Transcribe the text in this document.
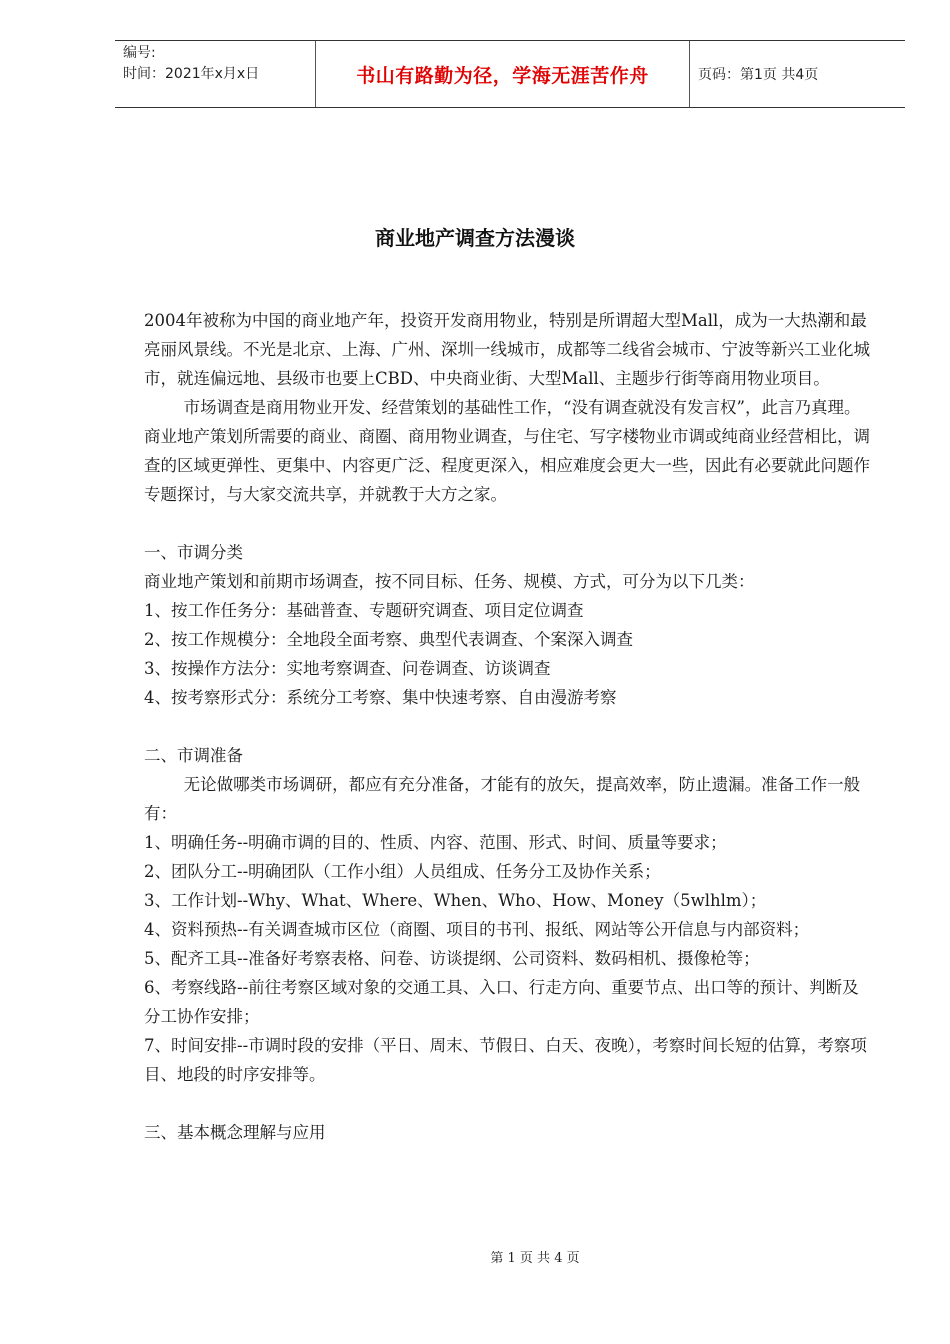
编号:
时间：2021年x月x日	书山有路勤为径，学海无涯苦作舟	页码：第1页 共4页
商业地产调查方法漫谈

2004年被称为中国的商业地产年，投资开发商用物业，特别是所谓超大型Mall，成为一大热潮和最亮丽风景线。不光是北京、上海、广州、深圳一线城市，成都等二线省会城市、宁波等新兴工业化城市，就连偏远地、县级市也要上CBD、中央商业街、大型Mall、主题步行街等商用物业项目。

市场调查是商用物业开发、经营策划的基础性工作，“没有调查就没有发言权”，此言乃真理。商业地产策划所需要的商业、商圈、商用物业调查，与住宅、写字楼物业市调或纯商业经营相比，调查的区域更弹性、更集中、内容更广泛、程度更深入，相应难度会更大一些，因此有必要就此问题作专题探讨，与大家交流共享，并就教于大方之家。

一、市调分类

商业地产策划和前期市场调查，按不同目标、任务、规模、方式，可分为以下几类：

1、按工作任务分：基础普查、专题研究调查、项目定位调查

2、按工作规模分：全地段全面考察、典型代表调查、个案深入调查

3、按操作方法分：实地考察调查、问卷调查、访谈调查

4、按考察形式分：系统分工考察、集中快速考察、自由漫游考察

二、市调准备

无论做哪类市场调研，都应有充分准备，才能有的放矢，提高效率，防止遗漏。准备工作一般有：

1、明确任务--明确市调的目的、性质、内容、范围、形式、时间、质量等要求；

2、团队分工--明确团队（工作小组）人员组成、任务分工及协作关系；

3、工作计划--Why、What、Where、When、Who、How、Money（5wlhlm）；

4、资料预热--有关调查城市区位（商圈、项目的书刊、报纸、网站等公开信息与内部资料；

5、配齐工具--准备好考察表格、问卷、访谈提纲、公司资料、数码相机、摄像枪等；

6、考察线路--前往考察区域对象的交通工具、入口、行走方向、重要节点、出口等的预计、判断及分工协作安排；

7、时间安排--市调时段的安排（平日、周末、节假日、白天、夜晚），考察时间长短的估算，考察项目、地段的时序安排等。

三、基本概念理解与应用

第 1 页 共 4 页
